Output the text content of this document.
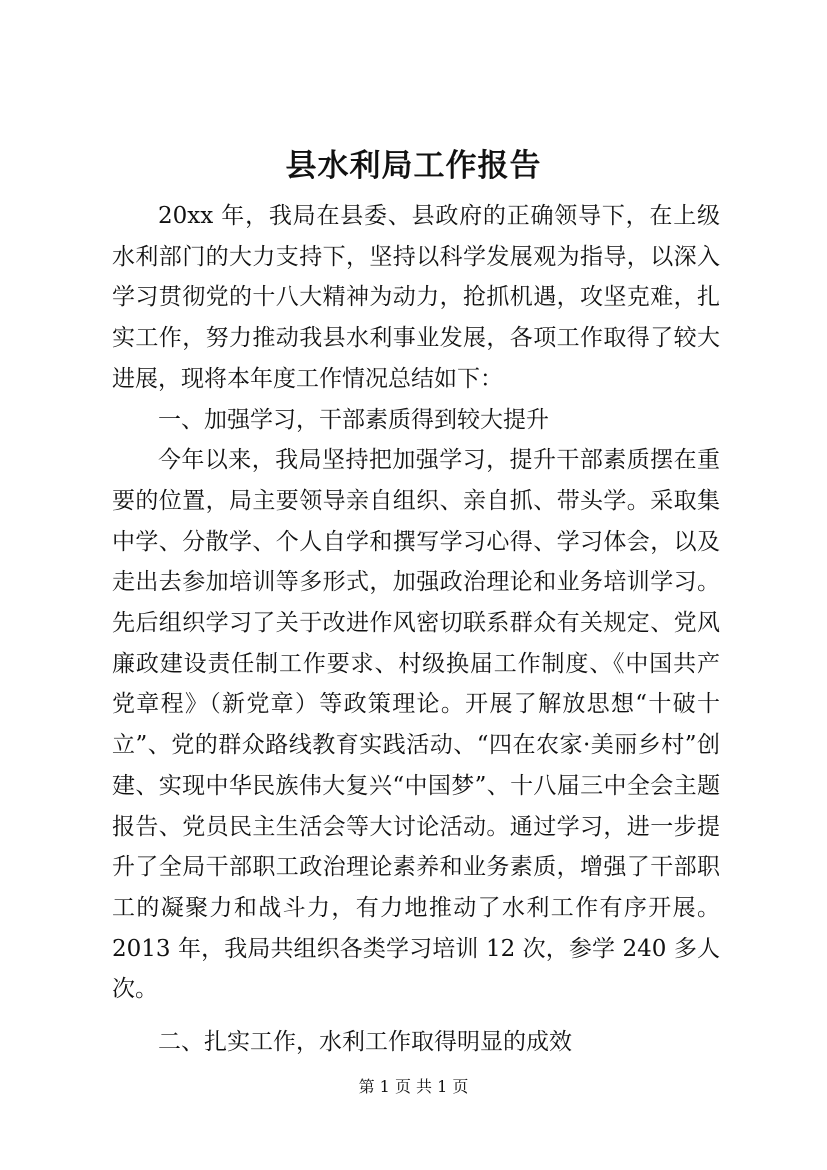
县水利局工作报告

20xx 年，我局在县委、县政府的正确领导下，在上级水利部门的大力支持下，坚持以科学发展观为指导，以深入学习贯彻党的十八大精神为动力，抢抓机遇，攻坚克难，扎实工作，努力推动我县水利事业发展，各项工作取得了较大进展，现将本年度工作情况总结如下：

一、加强学习，干部素质得到较大提升

今年以来，我局坚持把加强学习，提升干部素质摆在重要的位置，局主要领导亲自组织、亲自抓、带头学。采取集中学、分散学、个人自学和撰写学习心得、学习体会，以及走出去参加培训等多形式，加强政治理论和业务培训学习。先后组织学习了关于改进作风密切联系群众有关规定、党风廉政建设责任制工作要求、村级换届工作制度、《中国共产党章程》（新党章）等政策理论。开展了解放思想“十破十立”、党的群众路线教育实践活动、“四在农家·美丽乡村”创建、实现中华民族伟大复兴“中国梦”、十八届三中全会主题报告、党员民主生活会等大讨论活动。通过学习，进一步提升了全局干部职工政治理论素养和业务素质，增强了干部职工的凝聚力和战斗力，有力地推动了水利工作有序开展。2013 年，我局共组织各类学习培训 12 次，参学 240 多人次。

二、扎实工作，水利工作取得明显的成效

第 1 页 共 1 页
